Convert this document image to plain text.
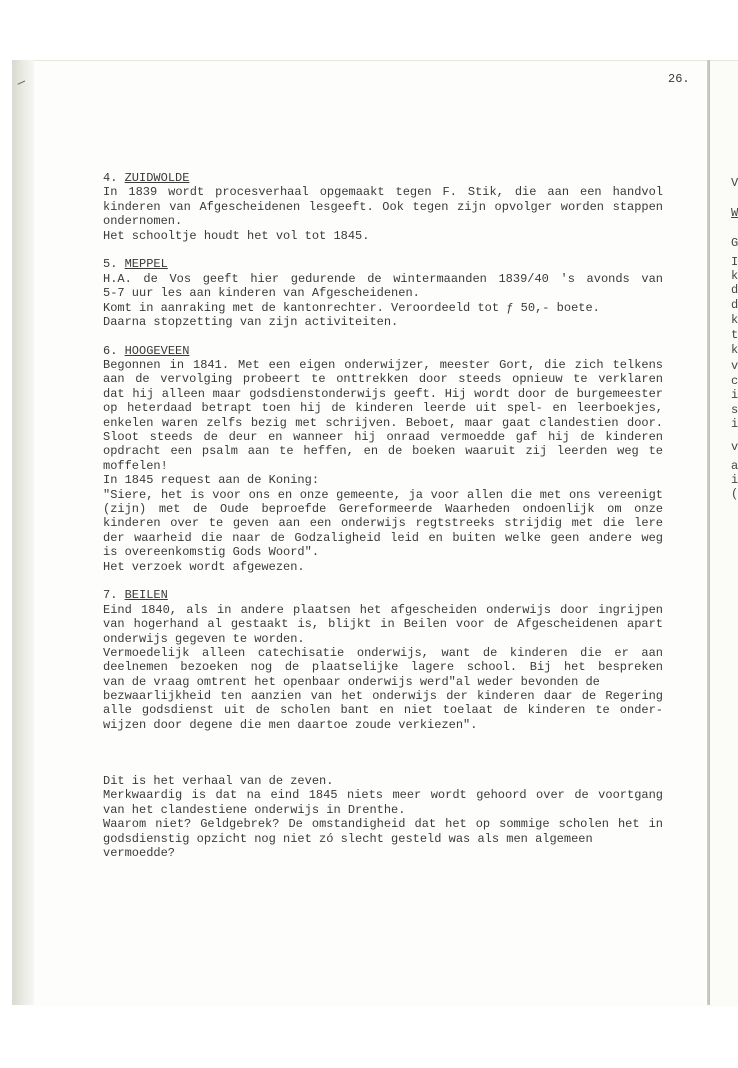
26.
4. ZUIDWOLDE
In 1839 wordt procesverhaal opgemaakt tegen F. Stik, die aan een handvol
kinderen van Afgescheidenen lesgeeft. Ook tegen zijn opvolger worden stappen
ondernomen.
Het schooltje houdt het vol tot 1845.
5. MEPPEL
H.A. de Vos geeft hier gedurende de wintermaanden 1839/40 's avonds van
5-7 uur les aan kinderen van Afgescheidenen.
Komt in aanraking met de kantonrechter. Veroordeeld tot ƒ 50,- boete.
Daarna stopzetting van zijn activiteiten.
6. HOOGEVEEN
Begonnen in 1841. Met een eigen onderwijzer, meester Gort, die zich telkens
aan de vervolging probeert te onttrekken door steeds opnieuw te verklaren
dat hij alleen maar godsdienstonderwijs geeft. Hij wordt door de burgemeester
op heterdaad betrapt toen hij de kinderen leerde uit spel- en leerboekjes,
enkelen waren zelfs bezig met schrijven. Beboet, maar gaat clandestien door.
Sloot steeds de deur en wanneer hij onraad vermoedde gaf hij de kinderen
opdracht een psalm aan te heffen, en de boeken waaruit zij leerden weg te
moffelen!
In 1845 request aan de Koning:
"Siere, het is voor ons en onze gemeente, ja voor allen die met ons vereenigt
(zijn) met de Oude beproefde Gereformeerde Waarheden ondoenlijk om onze
kinderen over te geven aan een onderwijs regtstreeks strijdig met die lere
der waarheid die naar de Godzaligheid leid en buiten welke geen andere weg
is overeenkomstig Gods Woord".
Het verzoek wordt afgewezen.
7. BEILEN
Eind 1840, als in andere plaatsen het afgescheiden onderwijs door ingrijpen
van hogerhand al gestaakt is, blijkt in Beilen voor de Afgescheidenen apart
onderwijs gegeven te worden.
Vermoedelijk alleen catechisatie onderwijs, want de kinderen die er aan
deelnemen bezoeken nog de plaatselijke lagere school. Bij het bespreken
van de vraag omtrent het openbaar onderwijs werd"al weder bevonden de
bezwaarlijkheid ten aanzien van het onderwijs der kinderen daar de Regering
alle godsdienst uit de scholen bant en niet toelaat de kinderen te onder-
wijzen door degene die men daartoe zoude verkiezen".
Dit is het verhaal van de zeven.
Merkwaardig is dat na eind 1845 niets meer wordt gehoord over de voortgang
van het clandestiene onderwijs in Drenthe.
Waarom niet? Geldgebrek? De omstandigheid dat het op sommige scholen het in
godsdienstig opzicht nog niet zó slecht gesteld was als men algemeen
vermoedde?
V
W
G
I
k
d
d
k
t
k
v
c
i
s
i
v
a
i
(
